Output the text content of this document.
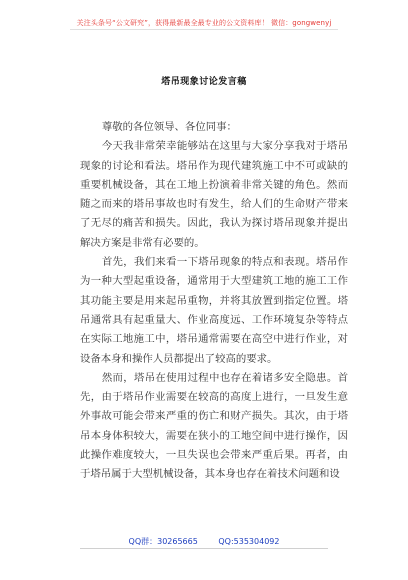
关注头条号“公文研究”，获得最新最全最专业的公文资料库！ 微信：gongwenyj
塔吊现象讨论发言稿

尊敬的各位领导、各位同事：

今天我非常荣幸能够站在这里与大家分享我对于塔吊现象的讨论和看法。塔吊作为现代建筑施工中不可或缺的重要机械设备，其在工地上扮演着非常关键的角色。然而随之而来的塔吊事故也时有发生，给人们的生命财产带来了无尽的痛苦和损失。因此，我认为探讨塔吊现象并提出解决方案是非常有必要的。

首先，我们来看一下塔吊现象的特点和表现。塔吊作为一种大型起重设备，通常用于大型建筑工地的施工工作其功能主要是用来起吊重物，并将其放置到指定位置。塔吊通常具有起重量大、作业高度远、工作环境复杂等特点在实际工地施工中，塔吊通常需要在高空中进行作业，对设备本身和操作人员都提出了较高的要求。

然而，塔吊在使用过程中也存在着诸多安全隐患。首先，由于塔吊作业需要在较高的高度上进行，一旦发生意外事故可能会带来严重的伤亡和财产损失。其次，由于塔吊本身体积较大，需要在狭小的工地空间中进行操作，因此操作难度较大，一旦失误也会带来严重后果。再者，由于塔吊属于大型机械设备，其本身也存在着技术问题和设

QQ群：30265665	QQ:535304092
